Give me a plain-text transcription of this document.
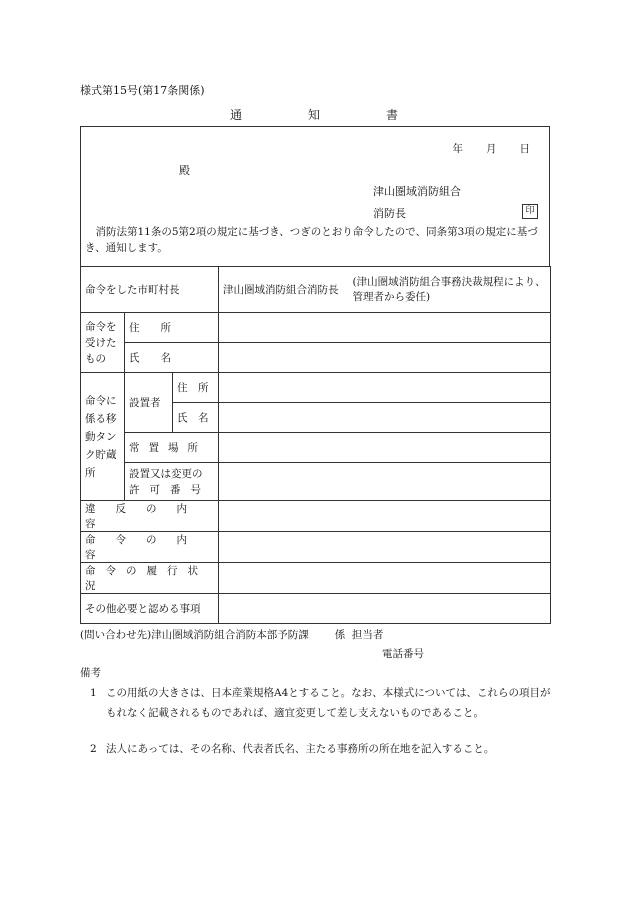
様式第15号(第17条関係)
通	知	書
年 月 日
殿
津山圏域消防組合
消防長	印
消防法第11条の5第2項の規定に基づき、つぎのとおり命令したので、同条第3項の規定に基づき、通知します。
命令をした市町村長			津山圏域消防組合消防長
(津山圏域消防組合事務決裁規程により、管理者から委任)

命令を受けたもの	住　　所		
	氏　　名		
命令に係る移動タンク貯蔵所	設置者	住　所	
		氏　名	

	常置場所		

	設置又は変更の
許可番号		

違反の内容			
命令の内容			
命令の履行状況			
その他必要と認める事項			
(問い合わせ先)津山圏域消防組合消防本部予防課 係 担当者
電話番号
備考
1 この用紙の大きさは、日本産業規格A4とすること。なお、本様式については、これらの項目がもれなく記載されるものであれば、適宜変更して差し支えないものであること。
2 法人にあっては、その名称、代表者氏名、主たる事務所の所在地を記入すること。
